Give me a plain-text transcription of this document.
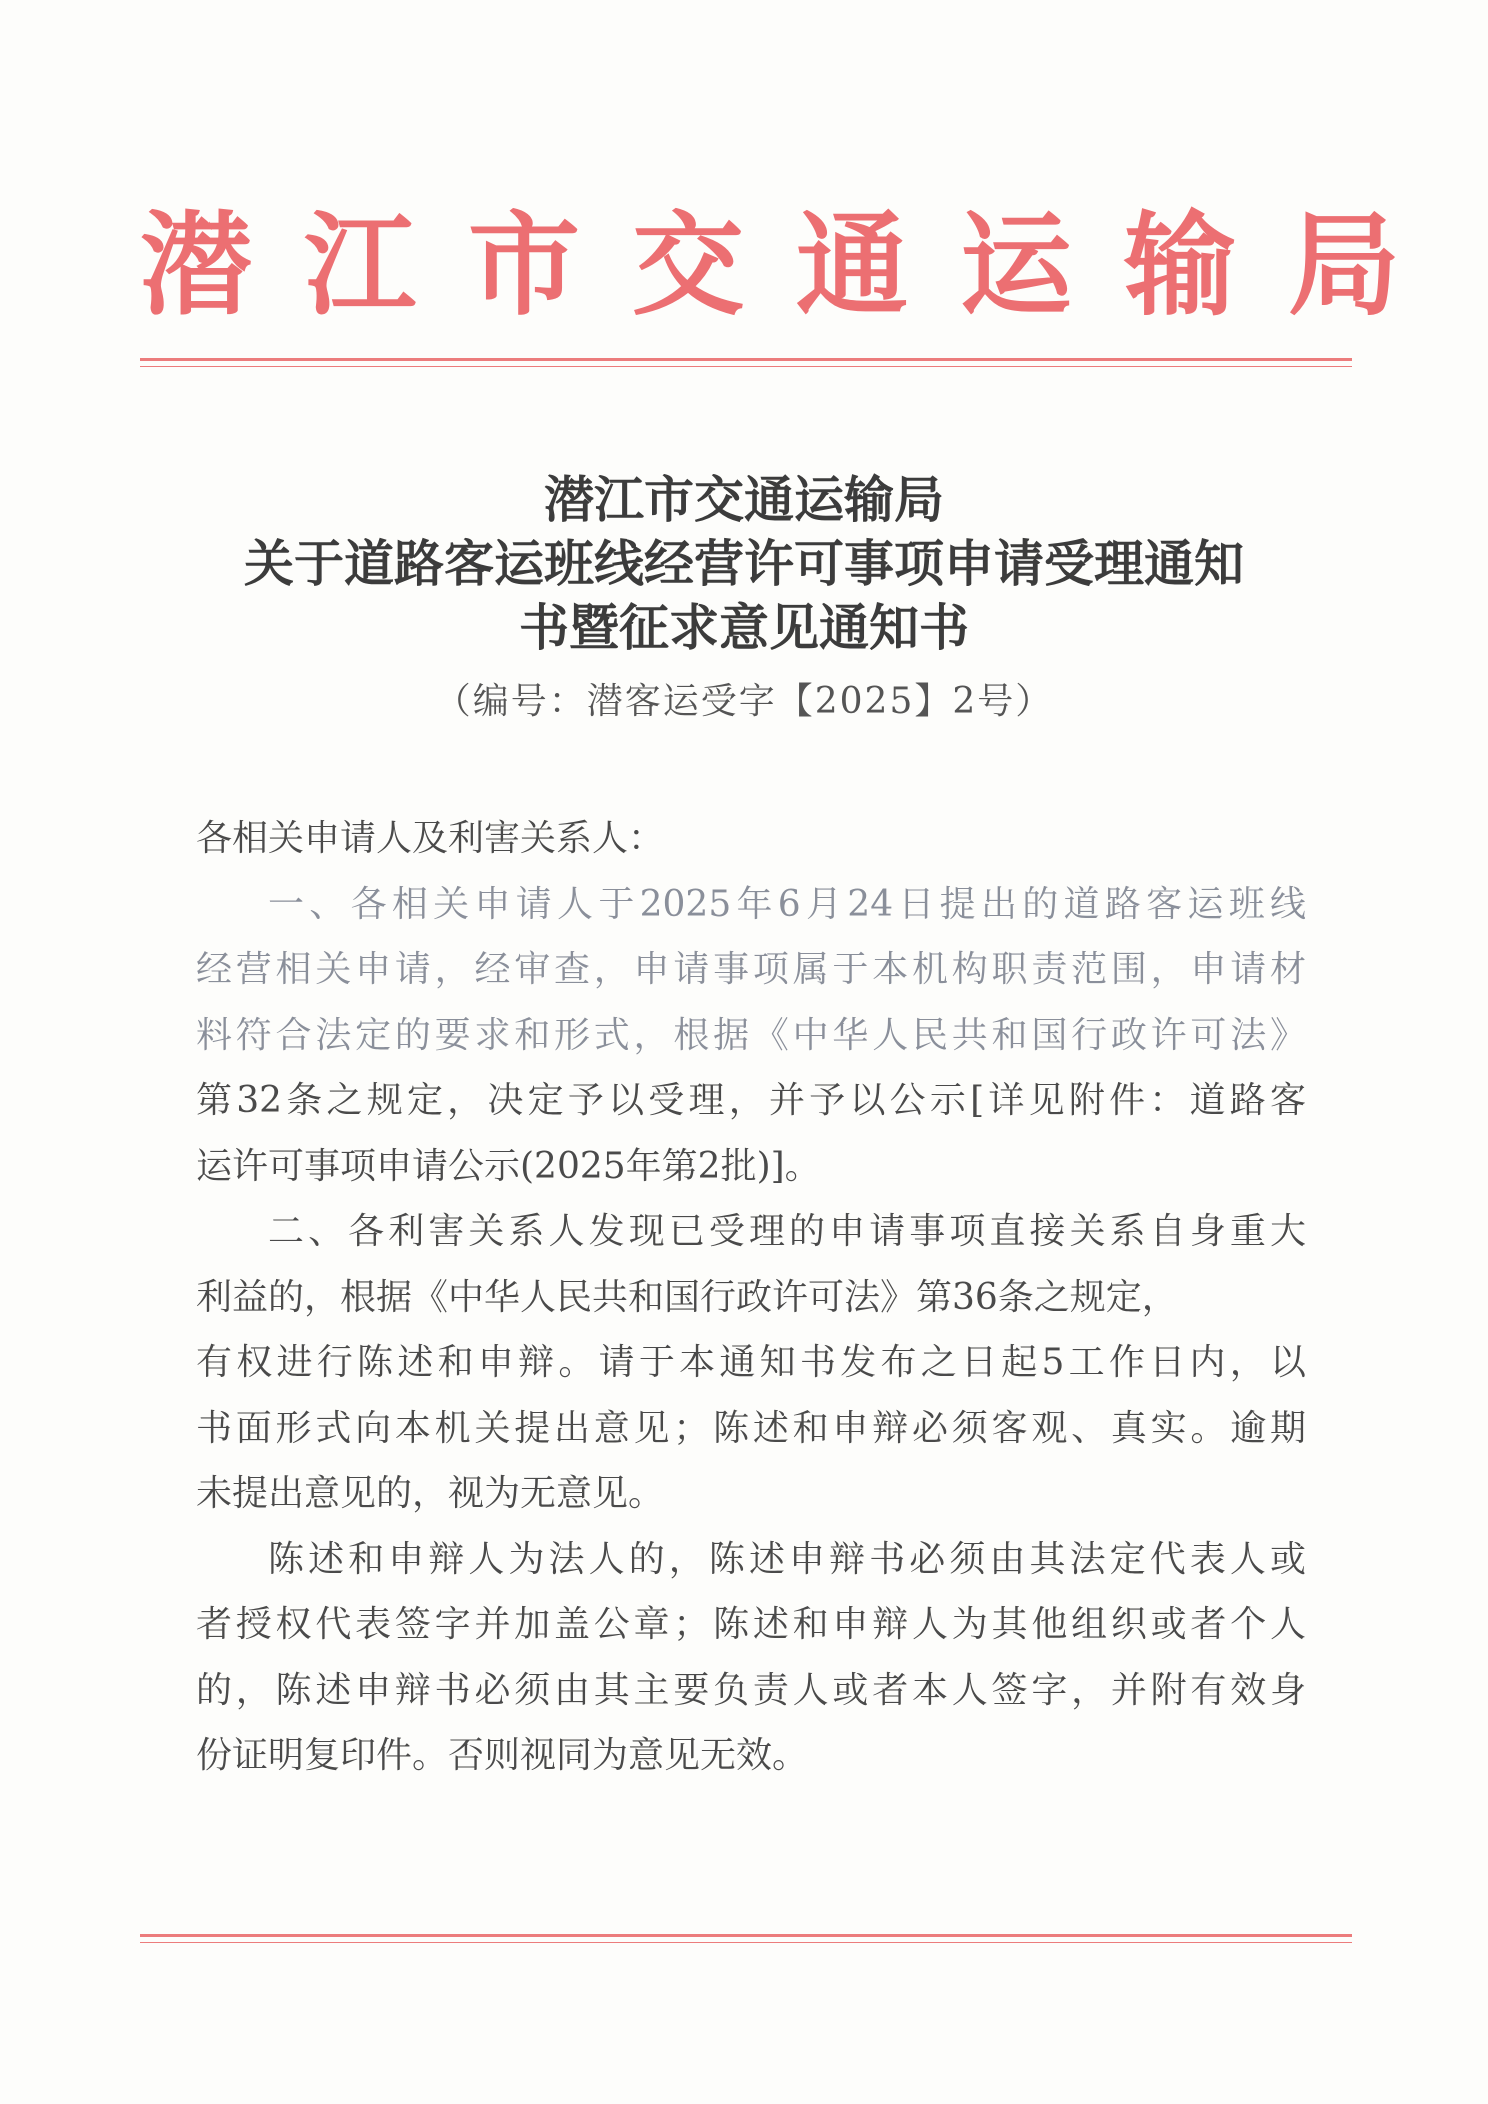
潜江市交通运输局
潜江市交通运输局
关于道路客运班线经营许可事项申请受理通知
书暨征求意见通知书
（编号：潜客运受字【2025】2号）
各相关申请人及利害关系人：
一、各相关申请人于2025年6月24日提出的道路客运班线
经营相关申请，经审查，申请事项属于本机构职责范围，申请材
料符合法定的要求和形式，根据《中华人民共和国行政许可法》
第32条之规定，决定予以受理，并予以公示[详见附件：道路客
运许可事项申请公示(2025年第2批)]。
二、各利害关系人发现已受理的申请事项直接关系自身重大
利益的，根据《中华人民共和国行政许可法》第36条之规定，
有权进行陈述和申辩。请于本通知书发布之日起5工作日内，以
书面形式向本机关提出意见；陈述和申辩必须客观、真实。逾期
未提出意见的，视为无意见。
陈述和申辩人为法人的，陈述申辩书必须由其法定代表人或
者授权代表签字并加盖公章；陈述和申辩人为其他组织或者个人
的，陈述申辩书必须由其主要负责人或者本人签字，并附有效身
份证明复印件。否则视同为意见无效。
